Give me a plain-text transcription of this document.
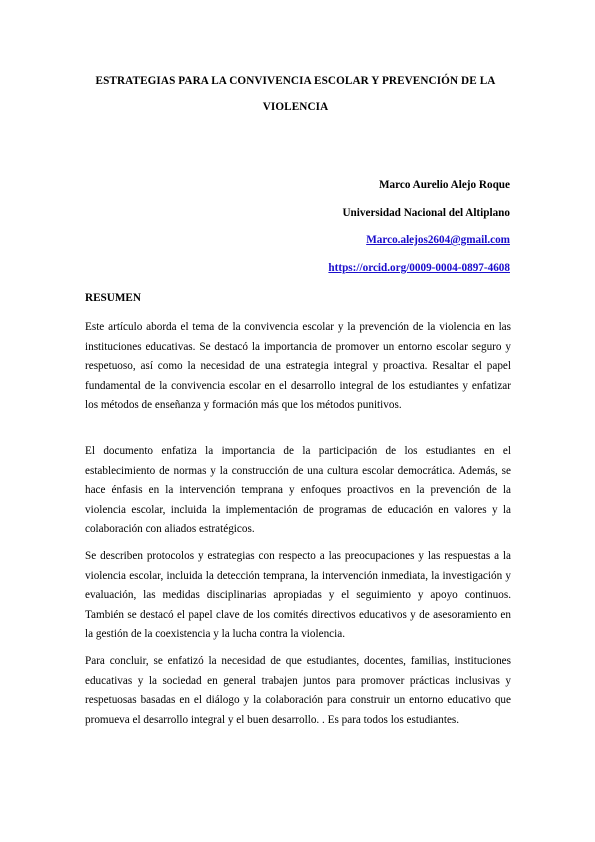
ESTRATEGIAS PARA LA CONVIVENCIA ESCOLAR Y PREVENCIÓN DE LA
VIOLENCIA
Marco Aurelio Alejo Roque
Universidad Nacional del Altiplano
Marco.alejos2604@gmail.com
https://orcid.org/0009-0004-0897-4608
RESUMEN

Este artículo aborda el tema de la convivencia escolar y la prevención de la violencia en las instituciones educativas. Se destacó la importancia de promover un entorno escolar seguro y respetuoso, así como la necesidad de una estrategia integral y proactiva. Resaltar el papel fundamental de la convivencia escolar en el desarrollo integral de los estudiantes y enfatizar los métodos de enseñanza y formación más que los métodos punitivos.

El documento enfatiza la importancia de la participación de los estudiantes en el establecimiento de normas y la construcción de una cultura escolar democrática. Además, se hace énfasis en la intervención temprana y enfoques proactivos en la prevención de la violencia escolar, incluida la implementación de programas de educación en valores y la colaboración con aliados estratégicos.

Se describen protocolos y estrategias con respecto a las preocupaciones y las respuestas a la violencia escolar, incluida la detección temprana, la intervención inmediata, la investigación y evaluación, las medidas disciplinarias apropiadas y el seguimiento y apoyo continuos. También se destacó el papel clave de los comités directivos educativos y de asesoramiento en la gestión de la coexistencia y la lucha contra la violencia.

Para concluir, se enfatizó la necesidad de que estudiantes, docentes, familias, instituciones educativas y la sociedad en general trabajen juntos para promover prácticas inclusivas y respetuosas basadas en el diálogo y la colaboración para construir un entorno educativo que promueva el desarrollo integral y el buen desarrollo. . Es para todos los estudiantes.
